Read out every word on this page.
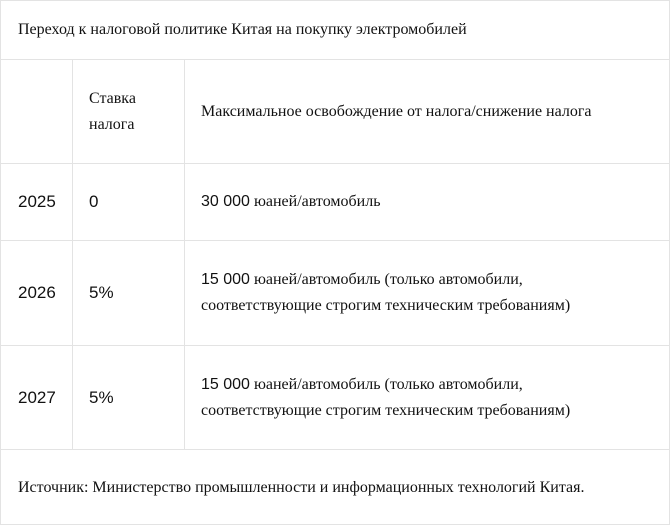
Переход к налоговой политике Китая на покупку электромобилей
Ставка налога
Максимальное освобождение от налога/снижение налога
2025 0	30 000 юаней/автомобиль
2026 5%
15 000 юаней/автомобиль (только автомобили,
соответствующие строгим техническим требованиям)
2027 5%
15 000 юаней/автомобиль (только автомобили,
соответствующие строгим техническим требованиям)
Источник: Министерство промышленности и информационных технологий Китая.
